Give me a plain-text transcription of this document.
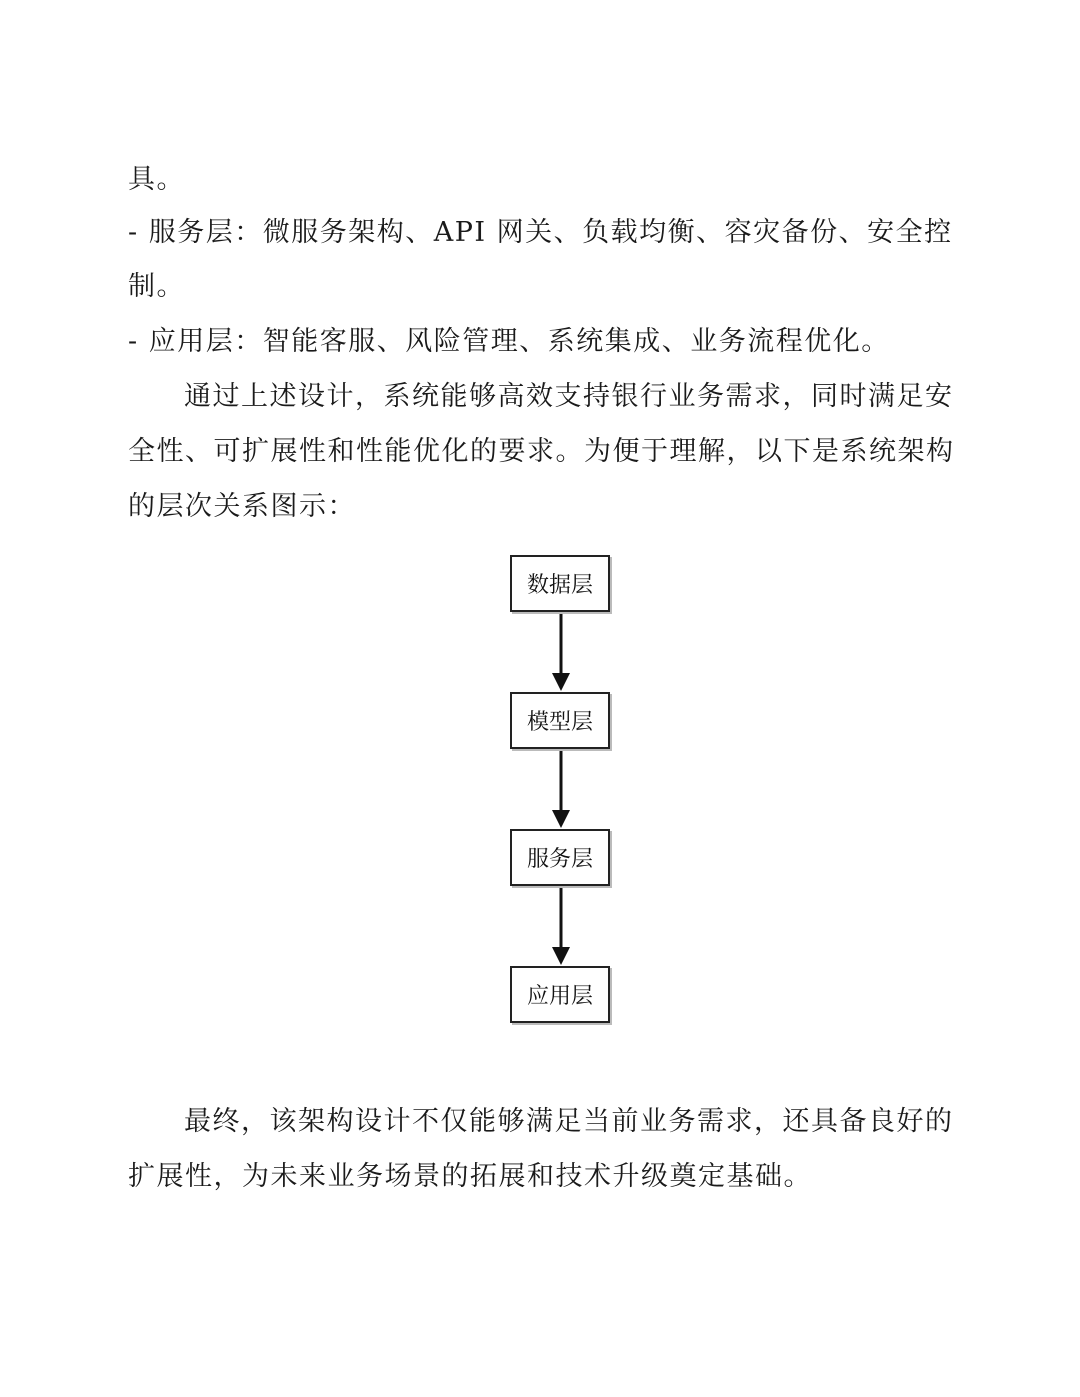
具。
- 服务层：微服务架构、API 网关、负载均衡、容灾备份、安全控
制。
- 应用层：智能客服、风险管理、系统集成、业务流程优化。
通过上述设计，系统能够高效支持银行业务需求，同时满足安
全性、可扩展性和性能优化的要求。为便于理解，以下是系统架构
的层次关系图示：
数据层
模型层
服务层
应用层
最终，该架构设计不仅能够满足当前业务需求，还具备良好的
扩展性，为未来业务场景的拓展和技术升级奠定基础。
